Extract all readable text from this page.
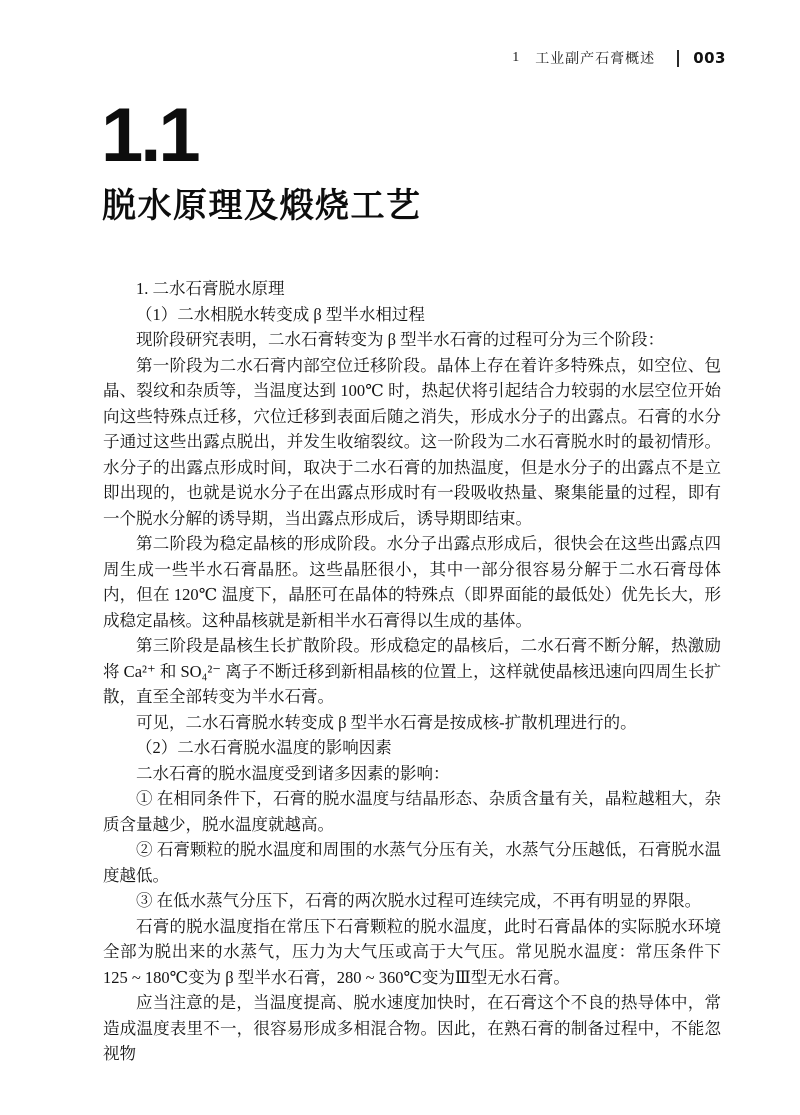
1 工业副产石膏概述	003
1.1
脱水原理及煅烧工艺

1. 二水石膏脱水原理

（1）二水相脱水转变成 β 型半水相过程

现阶段研究表明，二水石膏转变为 β 型半水石膏的过程可分为三个阶段：

第一阶段为二水石膏内部空位迁移阶段。晶体上存在着许多特殊点，如空位、包晶、裂纹和杂质等，当温度达到 100℃ 时，热起伏将引起结合力较弱的水层空位开始向这些特殊点迁移，穴位迁移到表面后随之消失，形成水分子的出露点。石膏的水分子通过这些出露点脱出，并发生收缩裂纹。这一阶段为二水石膏脱水时的最初情形。水分子的出露点形成时间，取决于二水石膏的加热温度，但是水分子的出露点不是立即出现的，也就是说水分子在出露点形成时有一段吸收热量、聚集能量的过程，即有一个脱水分解的诱导期，当出露点形成后，诱导期即结束。

第二阶段为稳定晶核的形成阶段。水分子出露点形成后，很快会在这些出露点四周生成一些半水石膏晶胚。这些晶胚很小，其中一部分很容易分解于二水石膏母体内，但在 120℃ 温度下，晶胚可在晶体的特殊点（即界面能的最低处）优先长大，形成稳定晶核。这种晶核就是新相半水石膏得以生成的基体。

第三阶段是晶核生长扩散阶段。形成稳定的晶核后，二水石膏不断分解，热激励将 Ca²⁺ 和 SO₄²⁻ 离子不断迁移到新相晶核的位置上，这样就使晶核迅速向四周生长扩散，直至全部转变为半水石膏。

可见，二水石膏脱水转变成 β 型半水石膏是按成核-扩散机理进行的。

（2）二水石膏脱水温度的影响因素

二水石膏的脱水温度受到诸多因素的影响：

① 在相同条件下，石膏的脱水温度与结晶形态、杂质含量有关，晶粒越粗大，杂质含量越少，脱水温度就越高。

② 石膏颗粒的脱水温度和周围的水蒸气分压有关，水蒸气分压越低，石膏脱水温度越低。

③ 在低水蒸气分压下，石膏的两次脱水过程可连续完成，不再有明显的界限。

石膏的脱水温度指在常压下石膏颗粒的脱水温度，此时石膏晶体的实际脱水环境全部为脱出来的水蒸气，压力为大气压或高于大气压。常见脱水温度：常压条件下 125 ~ 180℃变为 β 型半水石膏，280 ~ 360℃变为Ⅲ型无水石膏。

应当注意的是，当温度提高、脱水速度加快时，在石膏这个不良的热导体中，常造成温度表里不一，很容易形成多相混合物。因此，在熟石膏的制备过程中，不能忽视物
